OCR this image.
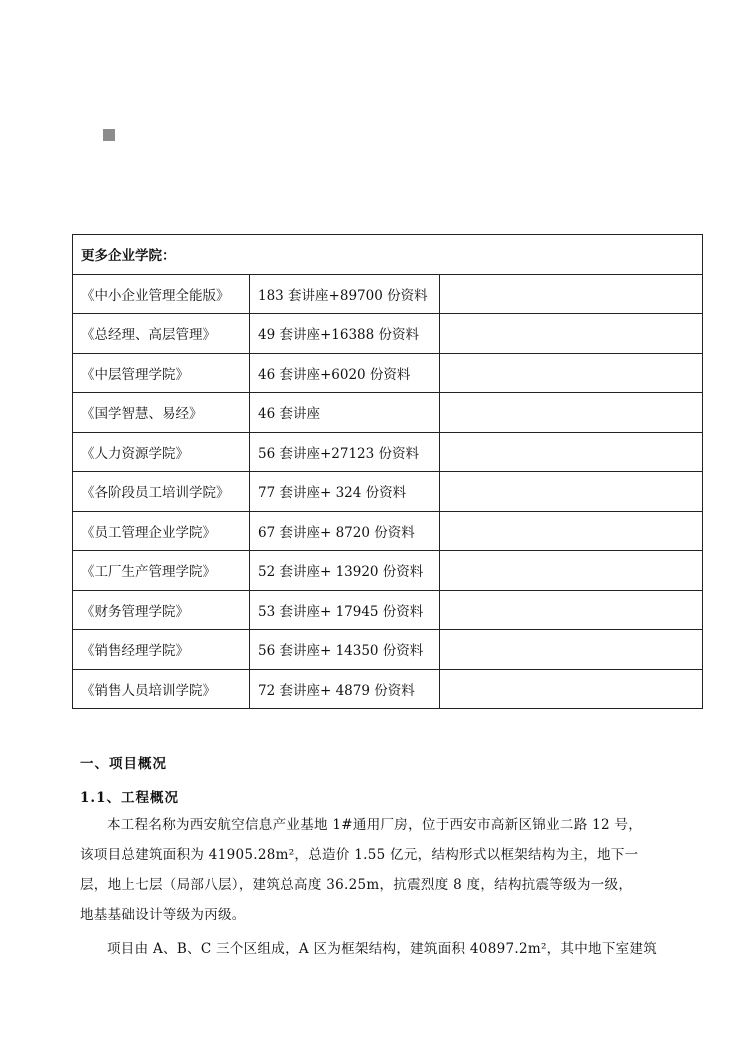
更多企业学院：		
《中小企业管理全能版》	183 套讲座+89700 份资料	
《总经理、高层管理》	49 套讲座+16388 份资料	
《中层管理学院》	46 套讲座+6020 份资料	
《国学智慧、易经》	46 套讲座	
《人力资源学院》	56 套讲座+27123 份资料	
《各阶段员工培训学院》	77 套讲座+ 324 份资料	
《员工管理企业学院》	67 套讲座+ 8720 份资料	
《工厂生产管理学院》	52 套讲座+ 13920 份资料	
《财务管理学院》	53 套讲座+ 17945 份资料	
《销售经理学院》	56 套讲座+ 14350 份资料	
《销售人员培训学院》	72 套讲座+ 4879 份资料	
一、项目概况
1.1、工程概况
本工程名称为西安航空信息产业基地 1#通用厂房，位于西安市高新区锦业二路 12 号，
该项目总建筑面积为 41905.28m²，总造价 1.55 亿元，结构形式以框架结构为主，地下一
层，地上七层（局部八层），建筑总高度 36.25m，抗震烈度 8 度，结构抗震等级为一级，
地基基础设计等级为丙级。
项目由 A、B、C 三个区组成，A 区为框架结构，建筑面积 40897.2m²，其中地下室建筑
